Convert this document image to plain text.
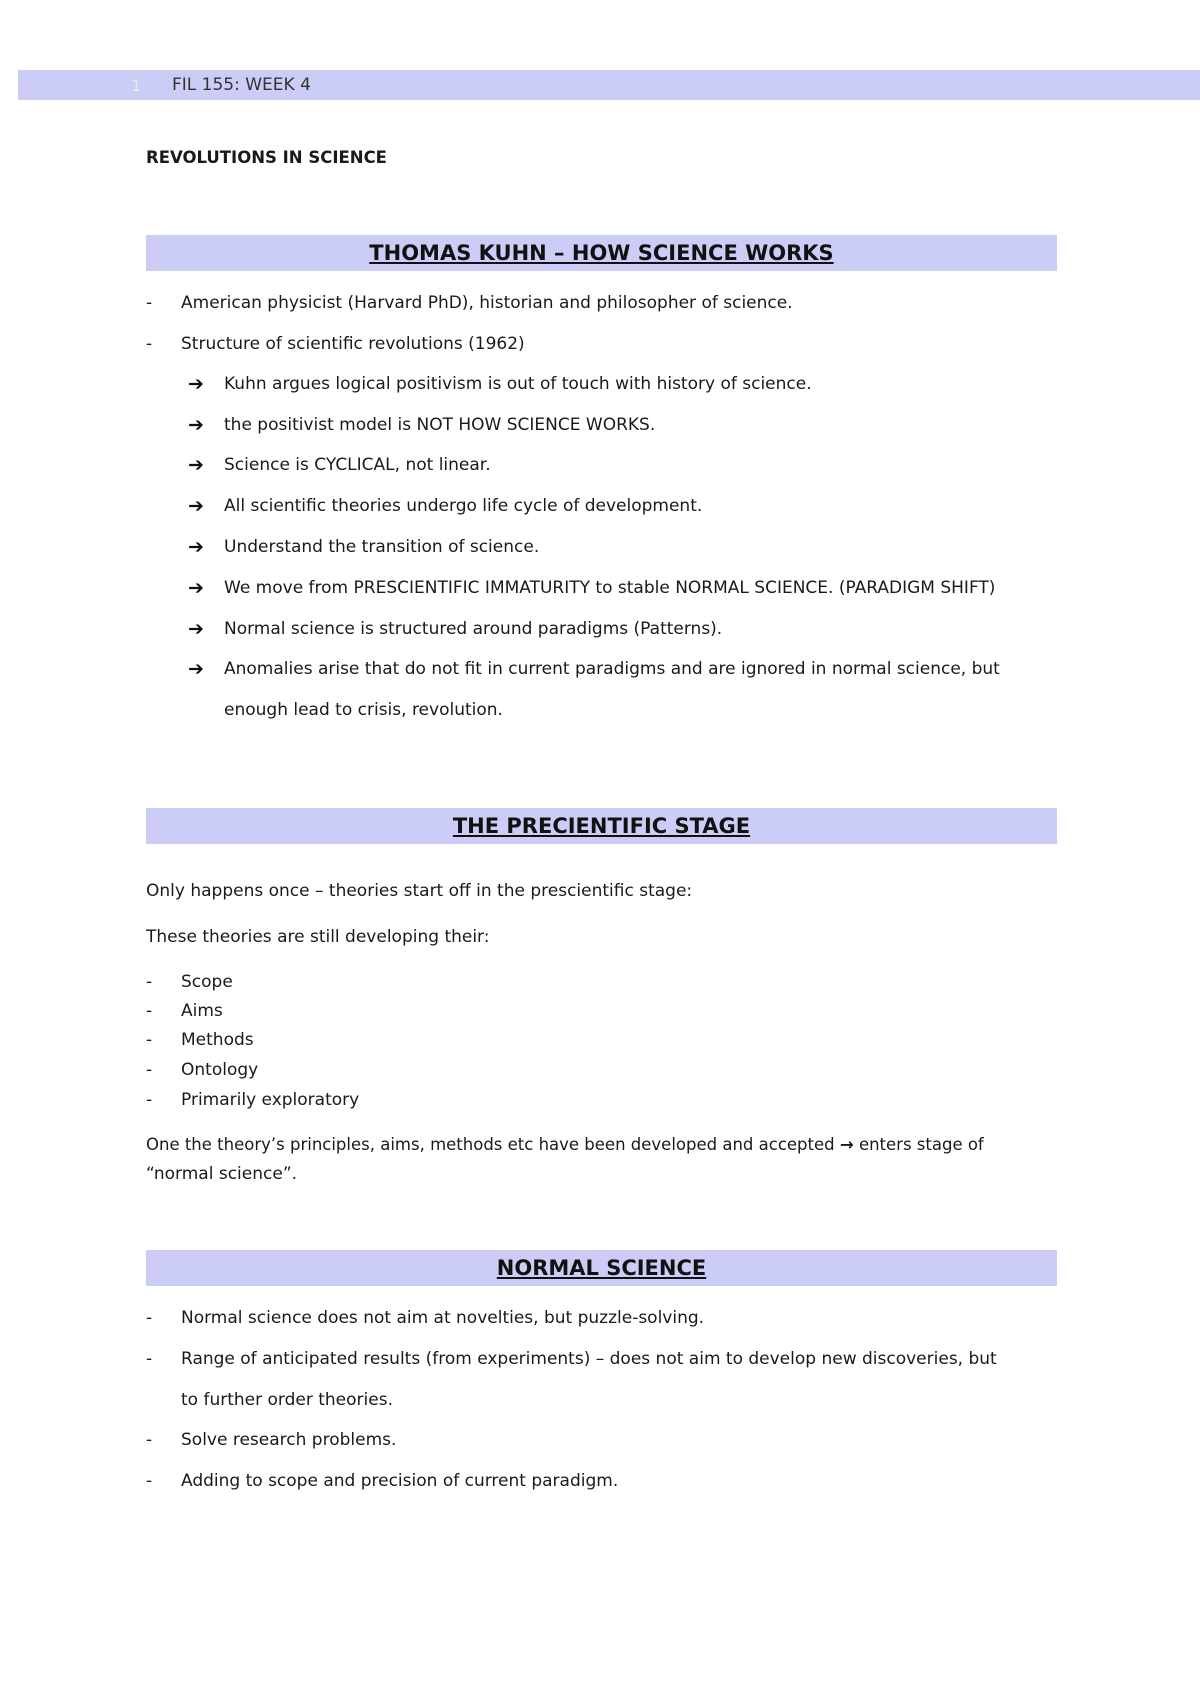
1 FIL 155: WEEK 4
REVOLUTIONS IN SCIENCE
THOMAS KUHN – HOW SCIENCE WORKS
- American physicist (Harvard PhD), historian and philosopher of science.
- Structure of scientific revolutions (1962)
➔ Kuhn argues logical positivism is out of touch with history of science.
➔ the positivist model is NOT HOW SCIENCE WORKS.
➔ Science is CYCLICAL, not linear.
➔ All scientific theories undergo life cycle of development.
➔ Understand the transition of science.
➔ We move from PRESCIENTIFIC IMMATURITY to stable NORMAL SCIENCE. (PARADIGM SHIFT)
➔ Normal science is structured around paradigms (Patterns).
➔ Anomalies arise that do not fit in current paradigms and are ignored in normal science, but
enough lead to crisis, revolution.
THE PRECIENTIFIC STAGE
Only happens once – theories start off in the prescientific stage:
These theories are still developing their:
- Scope
- Aims
- Methods
- Ontology
- Primarily exploratory
One the theory’s principles, aims, methods etc have been developed and accepted → enters stage of
“normal science”.
NORMAL SCIENCE
- Normal science does not aim at novelties, but puzzle-solving.
- Range of anticipated results (from experiments) – does not aim to develop new discoveries, but
to further order theories.
- Solve research problems.
- Adding to scope and precision of current paradigm.
